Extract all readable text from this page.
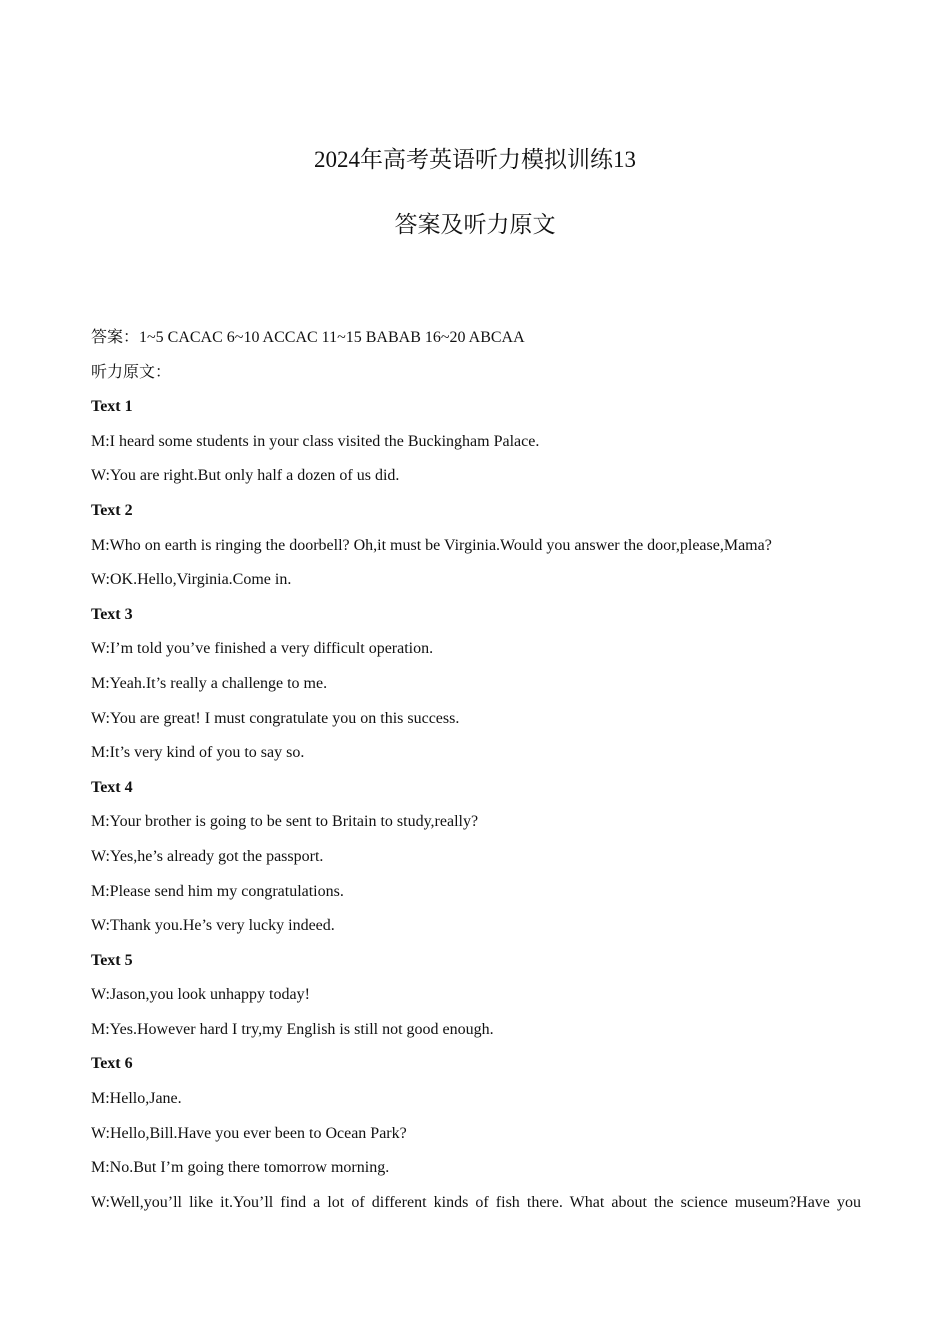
2024年高考英语听力模拟训练13
答案及听力原文
答案：1~5 CACAC 6~10 ACCAC 11~15 BABAB 16~20 ABCAA
听力原文：
Text 1
M:I heard some students in your class visited the Buckingham Palace.
W:You are right.But only half a dozen of us did.
Text 2
M:Who on earth is ringing the doorbell? Oh,it must be Virginia.Would you answer the door,please,Mama?
W:OK.Hello,Virginia.Come in.
Text 3
W:I’m told you’ve finished a very difficult operation.
M:Yeah.It’s really a challenge to me.
W:You are great! I must congratulate you on this success.
M:It’s very kind of you to say so.
Text 4
M:Your brother is going to be sent to Britain to study,really?
W:Yes,he’s already got the passport.
M:Please send him my congratulations.
W:Thank you.He’s very lucky indeed.
Text 5
W:Jason,you look unhappy today!
M:Yes.However hard I try,my English is still not good enough.
Text 6
M:Hello,Jane.
W:Hello,Bill.Have you ever been to Ocean Park?
M:No.But I’m going there tomorrow morning.
W:Well,you’ll like it.You’ll find a lot of different kinds of fish there. What about the science museum?Have you
